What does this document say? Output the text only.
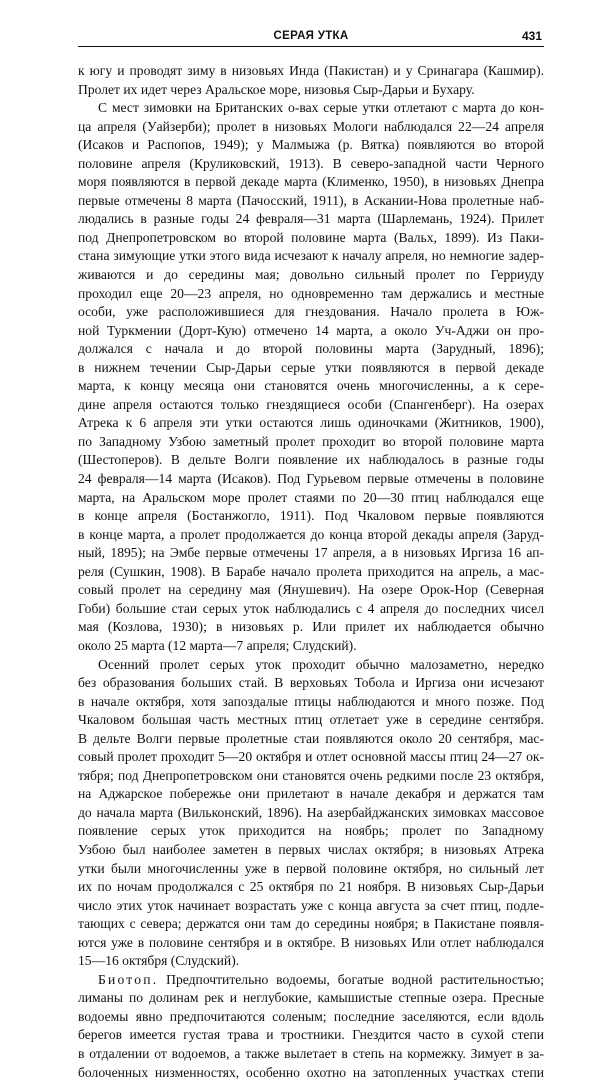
СЕРАЯ УТКА	431
к югу и проводят зиму в низовьях Инда (Пакистан) и у Сринагара (Кашмир).
Пролет их идет через Аральское море, низовья Сыр-Дарьи и Бухару.
С мест зимовки на Британских о-вах серые утки отлетают с марта до кон-
ца апреля (Уайзерби); пролет в низовьях Мологи наблюдался 22—24 апреля
(Исаков и Распопов, 1949); у Малмыжа (р. Вятка) появляются во второй
половине апреля (Круликовский, 1913). В северо-западной части Черного
моря появляются в первой декаде марта (Клименко, 1950), в низовьях Днепра
первые отмечены 8 марта (Пачосский, 1911), в Аскании-Нова пролетные наб-
людались в разные годы 24 февраля—31 марта (Шарлемань, 1924). Прилет
под Днепропетровском во второй половине марта (Вальх, 1899). Из Паки-
стана зимующие утки этого вида исчезают к началу апреля, но немногие задер-
живаются и до середины мая; довольно сильный пролет по Герриуду
проходил еще 20—23 апреля, но одновременно там держались и местные
особи, уже расположившиеся для гнездования. Начало пролета в Юж-
ной Туркмении (Дорт-Кую) отмечено 14 марта, а около Уч-Аджи он про-
должался с начала и до второй половины марта (Зарудный, 1896);
в нижнем течении Сыр-Дарьи серые утки появляются в первой декаде
марта, к концу месяца они становятся очень многочисленны, а к сере-
дине апреля остаются только гнездящиеся особи (Спангенберг). На озерах
Атрека к 6 апреля эти утки остаются лишь одиночками (Житников, 1900),
по Западному Узбою заметный пролет проходит во второй половине марта
(Шестоперов). В дельте Волги появление их наблюдалось в разные годы
24 февраля—14 марта (Исаков). Под Гурьевом первые отмечены в половине
марта, на Аральском море пролет стаями по 20—30 птиц наблюдался еще
в конце апреля (Бостанжогло, 1911). Под Чкаловом первые появляются
в конце марта, а пролет продолжается до конца второй декады апреля (Заруд-
ный, 1895); на Эмбе первые отмечены 17 апреля, а в низовьях Иргиза 16 ап-
реля (Сушкин, 1908). В Барабе начало пролета приходится на апрель, а мас-
совый пролет на середину мая (Янушевич). На озере Орок-Нор (Северная
Гоби) большие стаи серых уток наблюдались с 4 апреля до последних чисел
мая (Козлова, 1930); в низовьях р. Или прилет их наблюдается обычно
около 25 марта (12 марта—7 апреля; Слудский).
Осенний пролет серых уток проходит обычно малозаметно, нередко
без образования больших стай. В верховьях Тобола и Иргиза они исчезают
в начале октября, хотя запоздалые птицы наблюдаются и много позже. Под
Чкаловом большая часть местных птиц отлетает уже в середине сентября.
В дельте Волги первые пролетные стаи появляются около 20 сентября, мас-
совый пролет проходит 5—20 октября и отлет основной массы птиц 24—27 ок-
тября; под Днепропетровском они становятся очень редкими после 23 октября,
на Аджарское побережье они прилетают в начале декабря и держатся там
до начала марта (Вильконский, 1896). На азербайджанских зимовках массовое
появление серых уток приходится на ноябрь; пролет по Западному
Узбою был наиболее заметен в первых числах октября; в низовьях Атрека
утки были многочисленны уже в первой половине октября, но сильный лет
их по ночам продолжался с 25 октября по 21 ноября. В низовьях Сыр-Дарьи
число этих уток начинает возрастать уже с конца августа за счет птиц, подле-
тающих с севера; держатся они там до середины ноября; в Пакистане появля-
ются уже в половине сентября и в октябре. В низовьях Или отлет наблюдался
15—16 октября (Слудский).
Биотоп. Предпочтительно водоемы, богатые водной растительностью;
лиманы по долинам рек и неглубокие, камышистые степные озера. Пресные
водоемы явно предпочитаются соленым; последние заселяются, если вдоль
берегов имеется густая трава и тростники. Гнездится часто в сухой степи
в отдалении от водоемов, а также вылетает в степь на кормежку. Зимует в за-
болоченных низменностях, особенно охотно на затопленных участках степи
